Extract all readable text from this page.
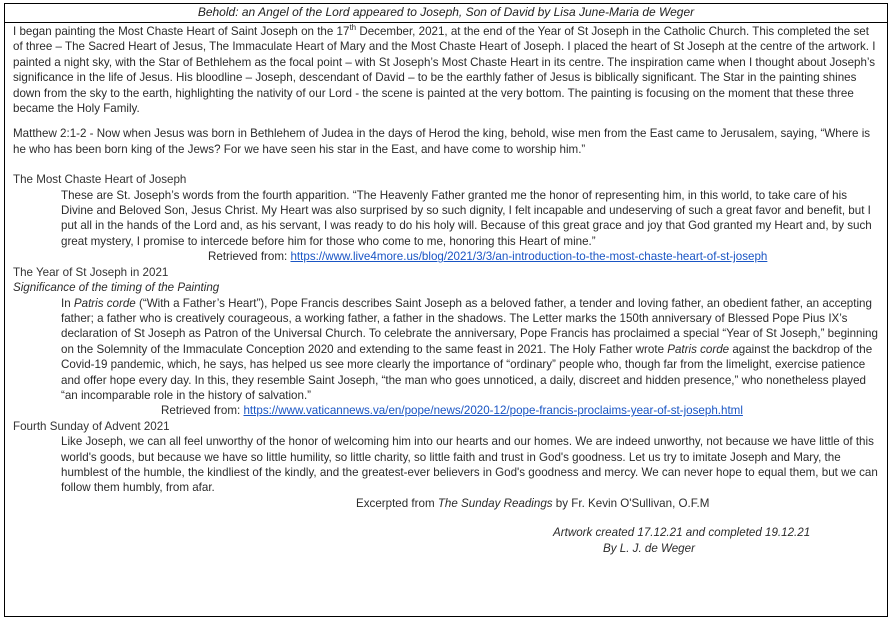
Behold: an Angel of the Lord appeared to Joseph, Son of David by Lisa June-Maria de Weger

I began painting the Most Chaste Heart of Saint Joseph on the 17th December, 2021, at the end of the Year of St Joseph in the Catholic Church. This completed the set of three – The Sacred Heart of Jesus, The Immaculate Heart of Mary and the Most Chaste Heart of Joseph. I placed the heart of St Joseph at the centre of the artwork. I painted a night sky, with the Star of Bethlehem as the focal point – with St Joseph’s Most Chaste Heart in its centre. The inspiration came when I thought about Joseph’s significance in the life of Jesus. His bloodline – Joseph, descendant of David – to be the earthly father of Jesus is biblically significant. The Star in the painting shines down from the sky to the earth, highlighting the nativity of our Lord - the scene is painted at the very bottom. The painting is focusing on the moment that these three became the Holy Family.

Matthew 2:1-2 - Now when Jesus was born in Bethlehem of Judea in the days of Herod the king, behold, wise men from the East came to Jerusalem, saying, “Where is he who has been born king of the Jews? For we have seen his star in the East, and have come to worship him.”

The Most Chaste Heart of Joseph

These are St. Joseph’s words from the fourth apparition. “The Heavenly Father granted me the honor of representing him, in this world, to take care of his Divine and Beloved Son, Jesus Christ. My Heart was also surprised by so such dignity, I felt incapable and undeserving of such a great favor and benefit, but I put all in the hands of the Lord and, as his servant, I was ready to do his holy will. Because of this great grace and joy that God granted my Heart and, by such great mystery, I promise to intercede before him for those who come to me, honoring this Heart of mine.”

Retrieved from: https://www.live4more.us/blog/2021/3/3/an-introduction-to-the-most-chaste-heart-of-st-joseph

The Year of St Joseph in 2021

Significance of the timing of the Painting

In Patris corde (“With a Father’s Heart”), Pope Francis describes Saint Joseph as a beloved father, a tender and loving father, an obedient father, an accepting father; a father who is creatively courageous, a working father, a father in the shadows. The Letter marks the 150th anniversary of Blessed Pope Pius IX’s declaration of St Joseph as Patron of the Universal Church. To celebrate the anniversary, Pope Francis has proclaimed a special “Year of St Joseph,” beginning on the Solemnity of the Immaculate Conception 2020 and extending to the same feast in 2021. The Holy Father wrote Patris corde against the backdrop of the Covid-19 pandemic, which, he says, has helped us see more clearly the importance of “ordinary” people who, though far from the limelight, exercise patience and offer hope every day. In this, they resemble Saint Joseph, “the man who goes unnoticed, a daily, discreet and hidden presence,” who nonetheless played “an incomparable role in the history of salvation.”

Retrieved from: https://www.vaticannews.va/en/pope/news/2020-12/pope-francis-proclaims-year-of-st-joseph.html

Fourth Sunday of Advent 2021

Like Joseph, we can all feel unworthy of the honor of welcoming him into our hearts and our homes. We are indeed unworthy, not because we have little of this world's goods, but because we have so little humility, so little charity, so little faith and trust in God's goodness. Let us try to imitate Joseph and Mary, the humblest of the humble, the kindliest of the kindly, and the greatest-ever believers in God's goodness and mercy. We can never hope to equal them, but we can follow them humbly, from afar.

Excerpted from The Sunday Readings by Fr. Kevin O'Sullivan, O.F.M

Artwork created 17.12.21 and completed 19.12.21

By L. J. de Weger
